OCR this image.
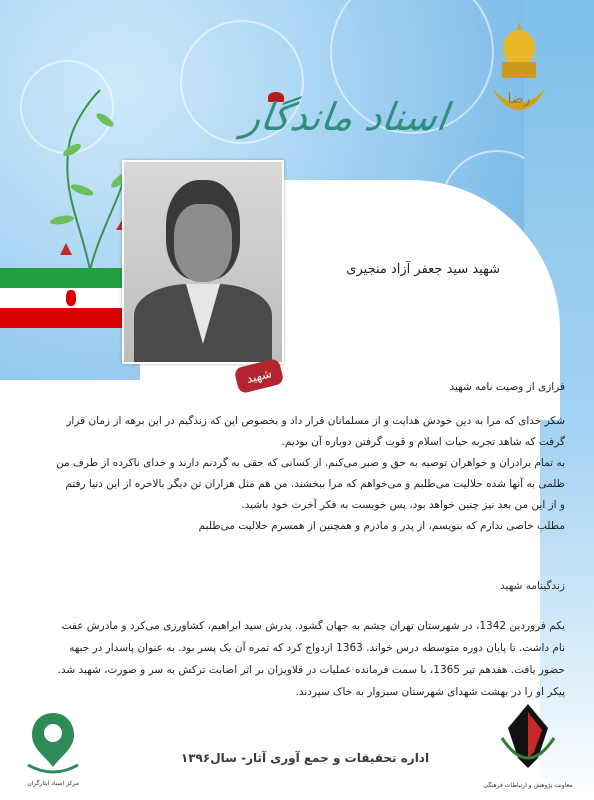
رضا
اسناد ماندگار
شهید
شهید سید جعفر آزاد منجیری
فرازی از وصیت نامه شهید
شکر خدای که مرا به دین خودش هدایت و از مسلمانان قرار داد و بخصوص این که زندگیم در این برهه از زمان قرار
گرفت که شاهد تجربه حیات اسلام و قوت گرفتن دوباره آن بودیم.
به تمام برادران و خواهران توصیه به حق و صبر می‌کنم. از کسانی که حقی به گردنم دارند و خدای ناکرده از طرف من
ظلمی به آنها شده حلالیت می‌طلبم و می‌خواهم که مرا ببخشند. من هم مثل هزاران تن دیگر بالاخره از این دنیا رفتم
و از این من بعد نیز چنین خواهد بود، پس خوبست به فکر آخرت خود باشید.
مطلب خاصی ندارم که بنویسم، از پدر و مادرم و همچنین از همسرم حلالیت می‌طلبم
زندگینامه شهید
یکم فروردین 1342، در شهرستان تهران چشم به جهان گشود. پدرش سید ابراهیم، کشاورزی می‌کرد و مادرش عفت
نام داشت. تا پایان دوره متوسطه درس خواند. 1363 ازدواج کرد که ثمره آن یک پسر بود. به عنوان پاسدار در جبهه
حضور یافت. هفدهم تیر 1365، با سمت فرمانده عملیات در قلاویزان بر اثر اصابت ترکش به سر و صورت، شهید شد.
پیکر او را در بهشت شهدای شهرستان سبزوار به خاک سپردند.
مرکز اسناد ایثارگران
اداره تحقیقات و جمع آوری آثار- سال۱۳۹۶
معاونت پژوهش و ارتباطات فرهنگی
